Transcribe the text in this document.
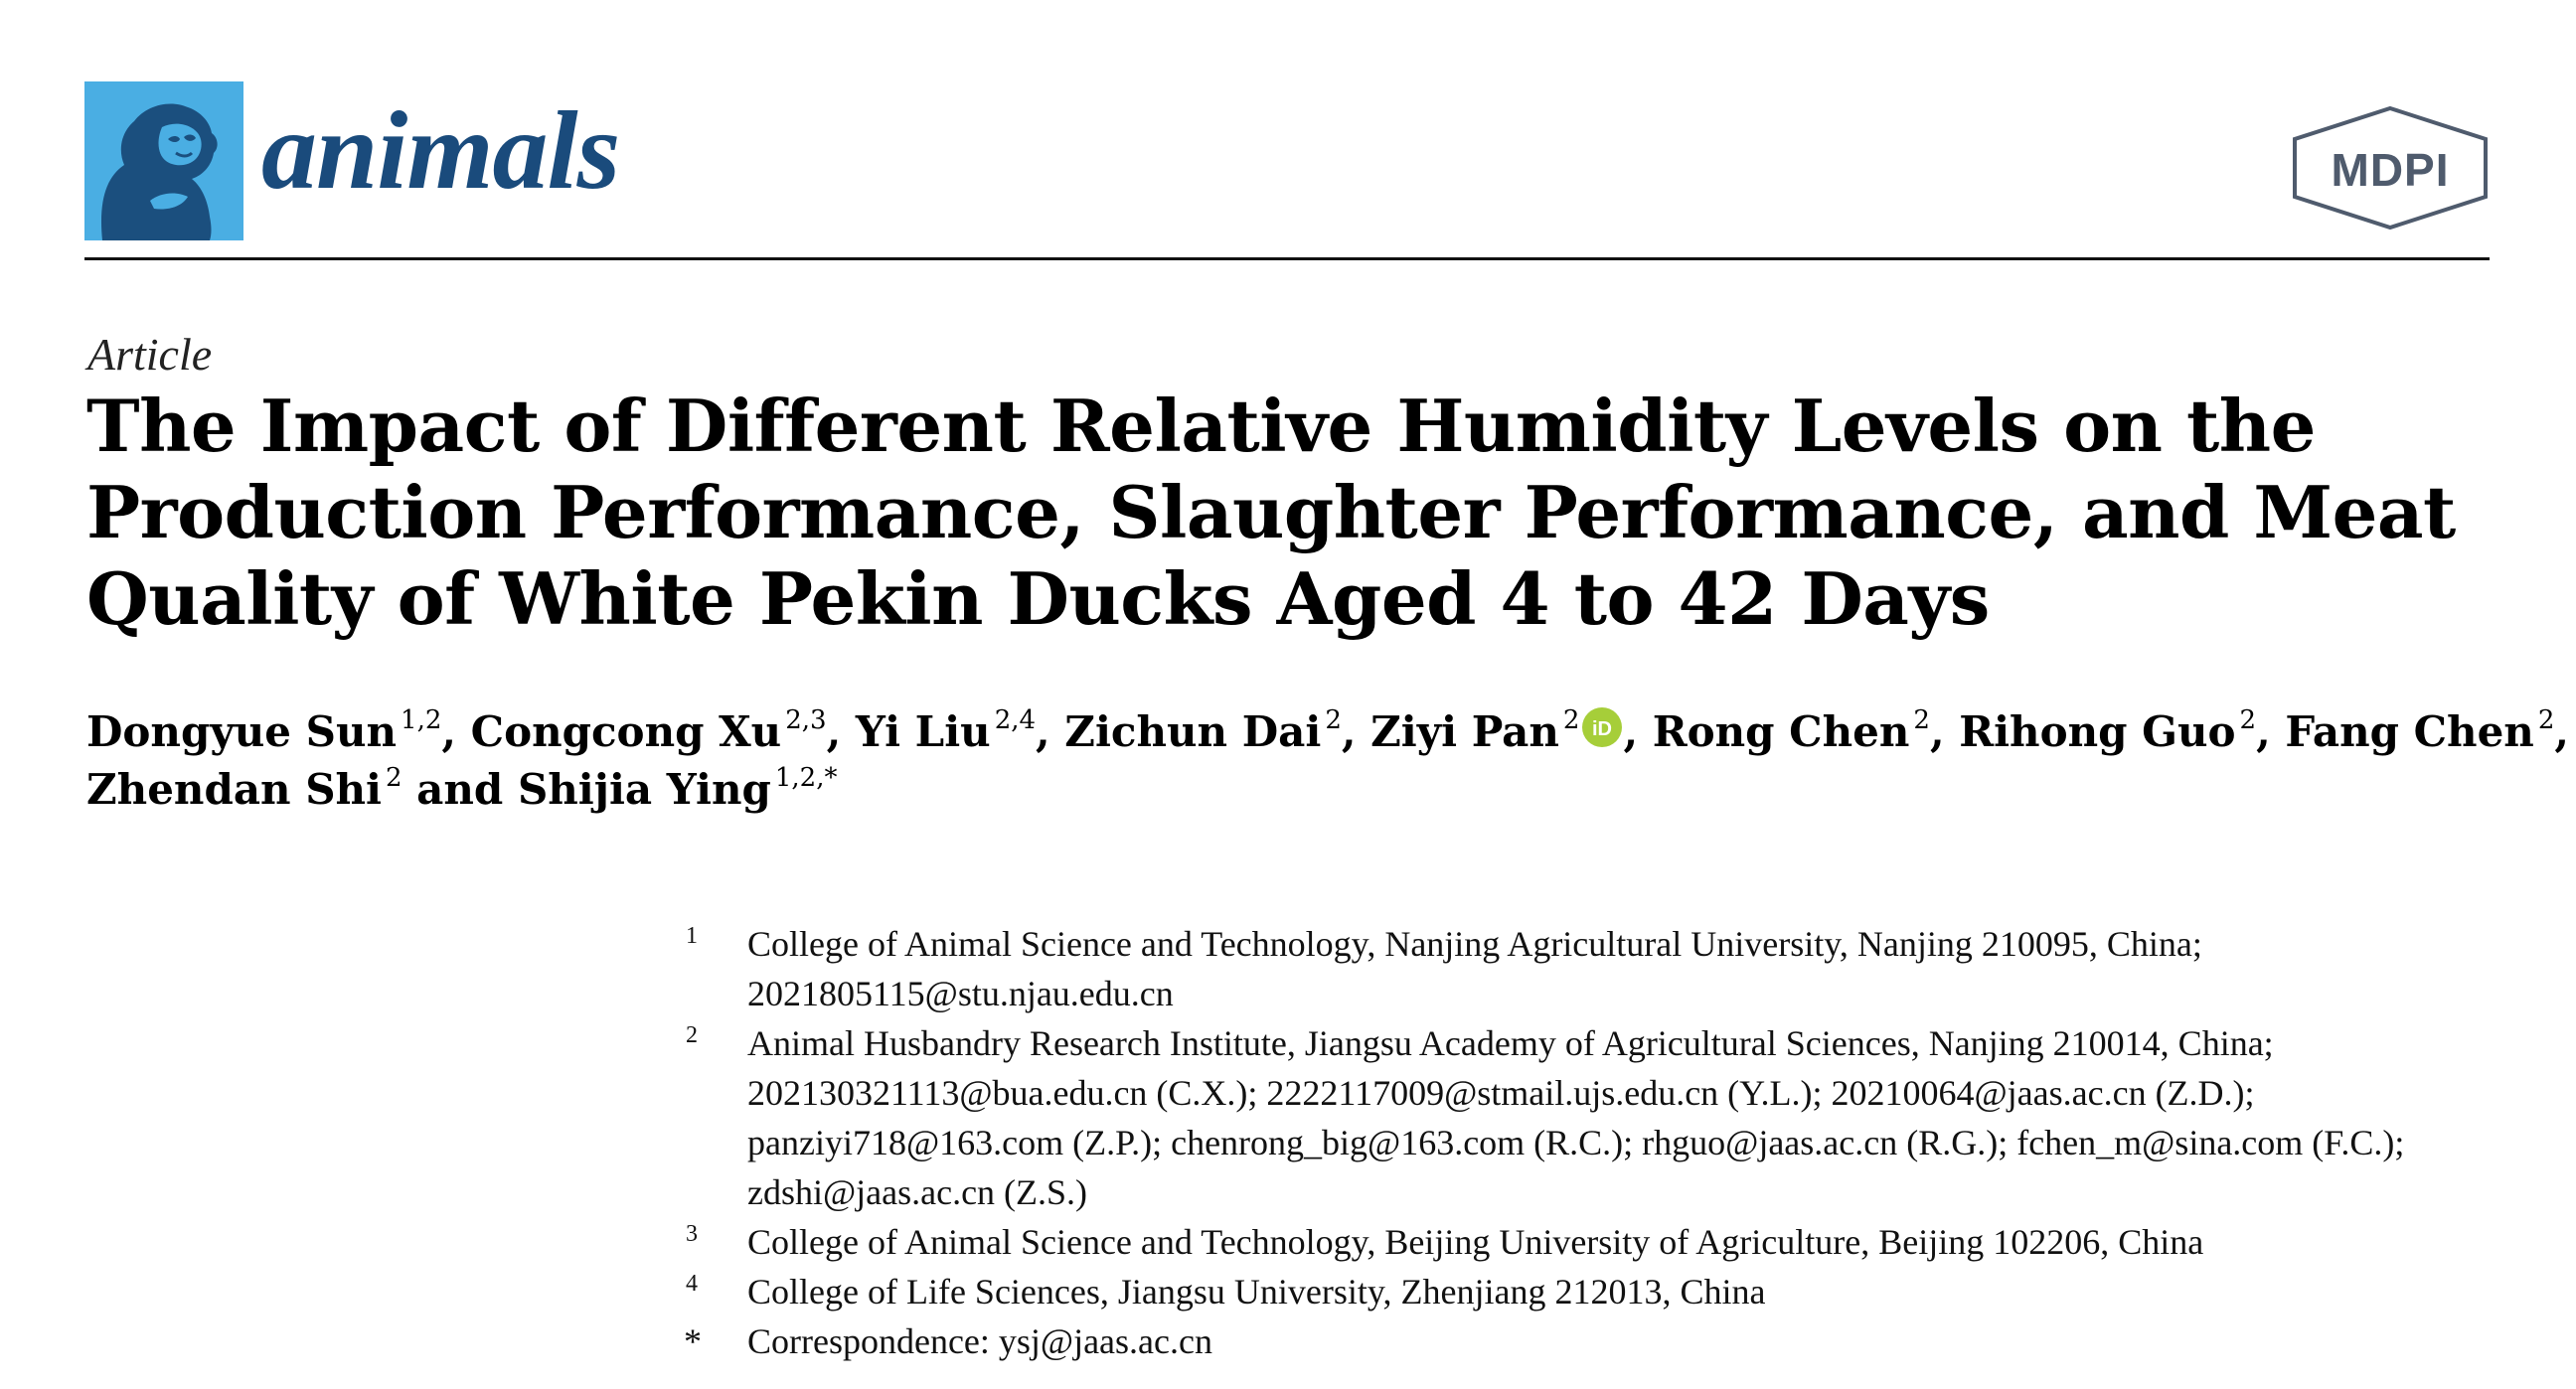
animals	MDPI
Article
The Impact of Different Relative Humidity Levels on the
Production Performance, Slaughter Performance, and Meat
Quality of White Pekin Ducks Aged 4 to 42 Days
Dongyue Sun $^{1,2}$, Congcong Xu $^{2,3}$, Yi Liu $^{2,4}$, Zichun Dai $^2$, Ziyi Pan $^2$ iD , Rong Chen $^2$, Rihong Guo $^2$, Fang Chen $^2$,
Zhendan Shi $^2$ and Shijia Ying $^{1,2,*}$
1 College of Animal Science and Technology, Nanjing Agricultural University, Nanjing 210095, China;
2021805115@stu.njau.edu.cn
2 Animal Husbandry Research Institute, Jiangsu Academy of Agricultural Sciences, Nanjing 210014, China;
202130321113@bua.edu.cn (C.X.); 2222117009@stmail.ujs.edu.cn (Y.L.); 20210064@jaas.ac.cn (Z.D.);
panziyi718@163.com (Z.P.); chenrong_big@163.com (R.C.); rhguo@jaas.ac.cn (R.G.); fchen_m@sina.com (F.C.);
zdshi@jaas.ac.cn (Z.S.)
3 College of Animal Science and Technology, Beijing University of Agriculture, Beijing 102206, China
4 College of Life Sciences, Jiangsu University, Zhenjiang 212013, China
* Correspondence: ysj@jaas.ac.cn
